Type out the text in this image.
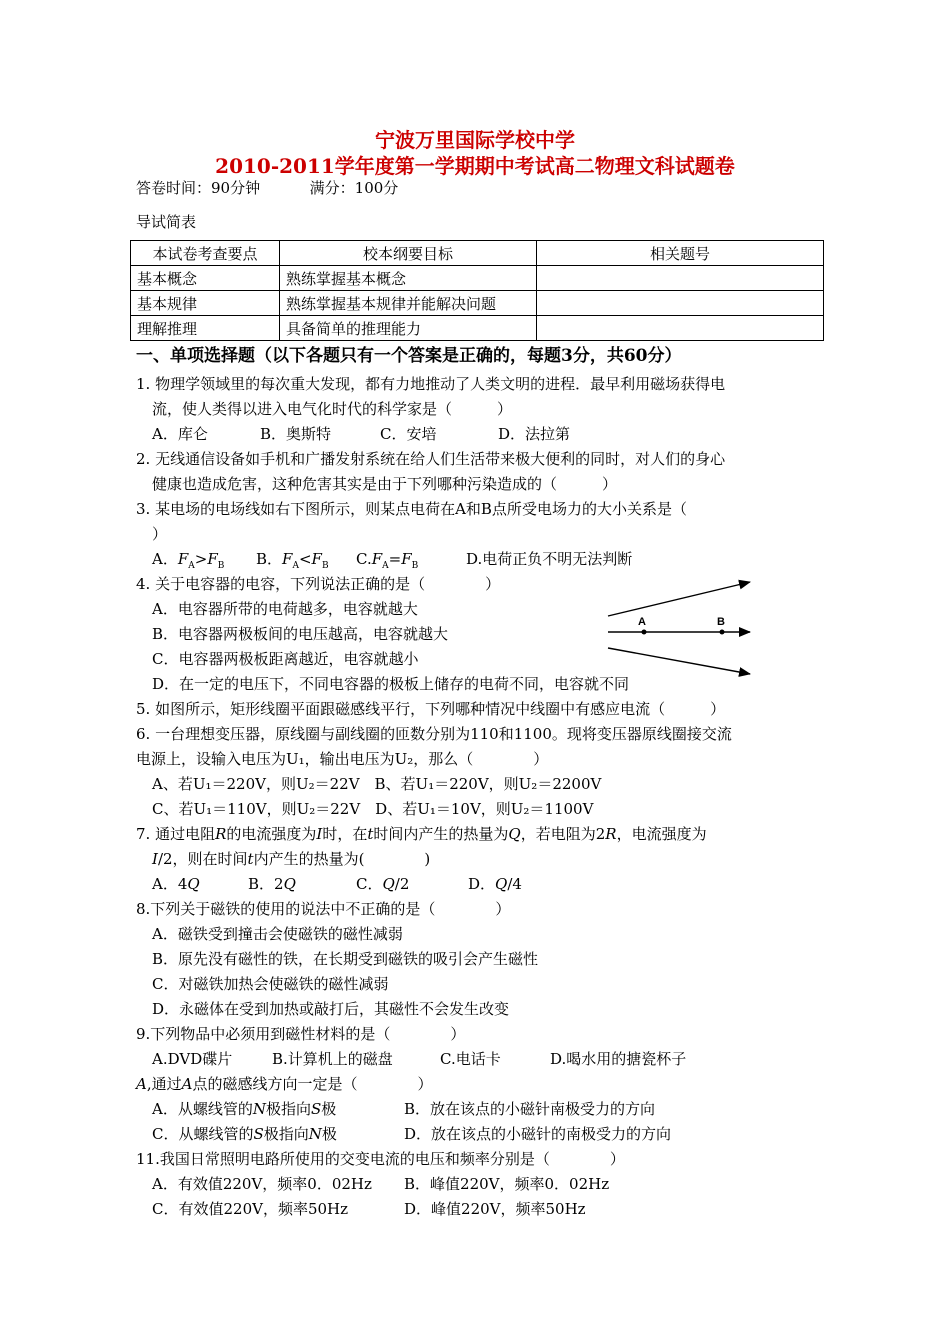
宁波万里国际学校中学
2010-2011学年度第一学期期中考试高二物理文科试题卷
答卷时间：90分钟	满分：100分
导试简表
本试卷考查要点	校本纲要目标	相关题号
基本概念	熟练掌握基本概念	
基本规律	熟练掌握基本规律并能解决问题	
理解推理	具备简单的推理能力	
一、单项选择题（以下各题只有一个答案是正确的，每题3分，共60分）
1. 物理学领域里的每次重大发现，都有力地推动了人类文明的进程．最早利用磁场获得电
流，使人类得以进入电气化时代的科学家是（　　　）
A．库仑	B．奥斯特	C．安培	D．法拉第
2. 无线通信设备如手机和广播发射系统在给人们生活带来极大便利的同时，对人们的身心
健康也造成危害，这种危害其实是由于下列哪种污染造成的（　　　）
3. 某电场的电场线如右下图所示，则某点电荷在A和B点所受电场力的大小关系是（
）
A．$F_A>F_B$ B．$F_A<F_B$ $C.F_A=F_B$	D.电荷正负不明无法判断
4. 关于电容器的电容，下列说法正确的是（　　　　）
A．电容器所带的电荷越多，电容就越大
B．电容器两极板间的电压越高，电容就越大
C．电容器两极板距离越近，电容就越小
D．在一定的电压下，不同电容器的极板上储存的电荷不同，电容就不同
A	B
5. 如图所示，矩形线圈平面跟磁感线平行，下列哪种情况中线圈中有感应电流（　　　）
6. 一台理想变压器，原线圈与副线圈的匝数分别为110和1100。现将变压器原线圈接交流
电源上，设输入电压为U₁，输出电压为U₂，那么（　　　　）
A、若U₁＝220V，则U₂＝22V　B、若U₁＝220V，则U₂＝2200V
C、若U₁＝110V，则U₂＝22V　D、若U₁＝10V，则U₂＝1100V
7. 通过电阻R的电流强度为I时，在t时间内产生的热量为Q，若电阻为2R，电流强度为
I/2，则在时间t内产生的热量为(　　　　)
A．4Q	B．2Q	C．Q/2	D．Q/4
8.下列关于磁铁的使用的说法中不正确的是（　　　　）
A．磁铁受到撞击会使磁铁的磁性减弱
B．原先没有磁性的铁，在长期受到磁铁的吸引会产生磁性
C．对磁铁加热会使磁铁的磁性减弱
D．永磁体在受到加热或敲打后，其磁性不会发生改变
9.下列物品中必须用到磁性材料的是（　　　　）
A.DVD碟片	B.计算机上的磁盘	C.电话卡	D.喝水用的搪瓷杯子
A,通过A点的磁感线方向一定是（　　　　）
A．从螺线管的N极指向S极	B．放在该点的小磁针南极受力的方向
C．从螺线管的S极指向N极	D．放在该点的小磁针的南极受力的方向
11.我国日常照明电路所使用的交变电流的电压和频率分别是（　　　　）
A．有效值220V，频率0．02Hz B．峰值220V，频率0．02Hz
C．有效值220V，频率50Hz	D．峰值220V，频率50Hz
